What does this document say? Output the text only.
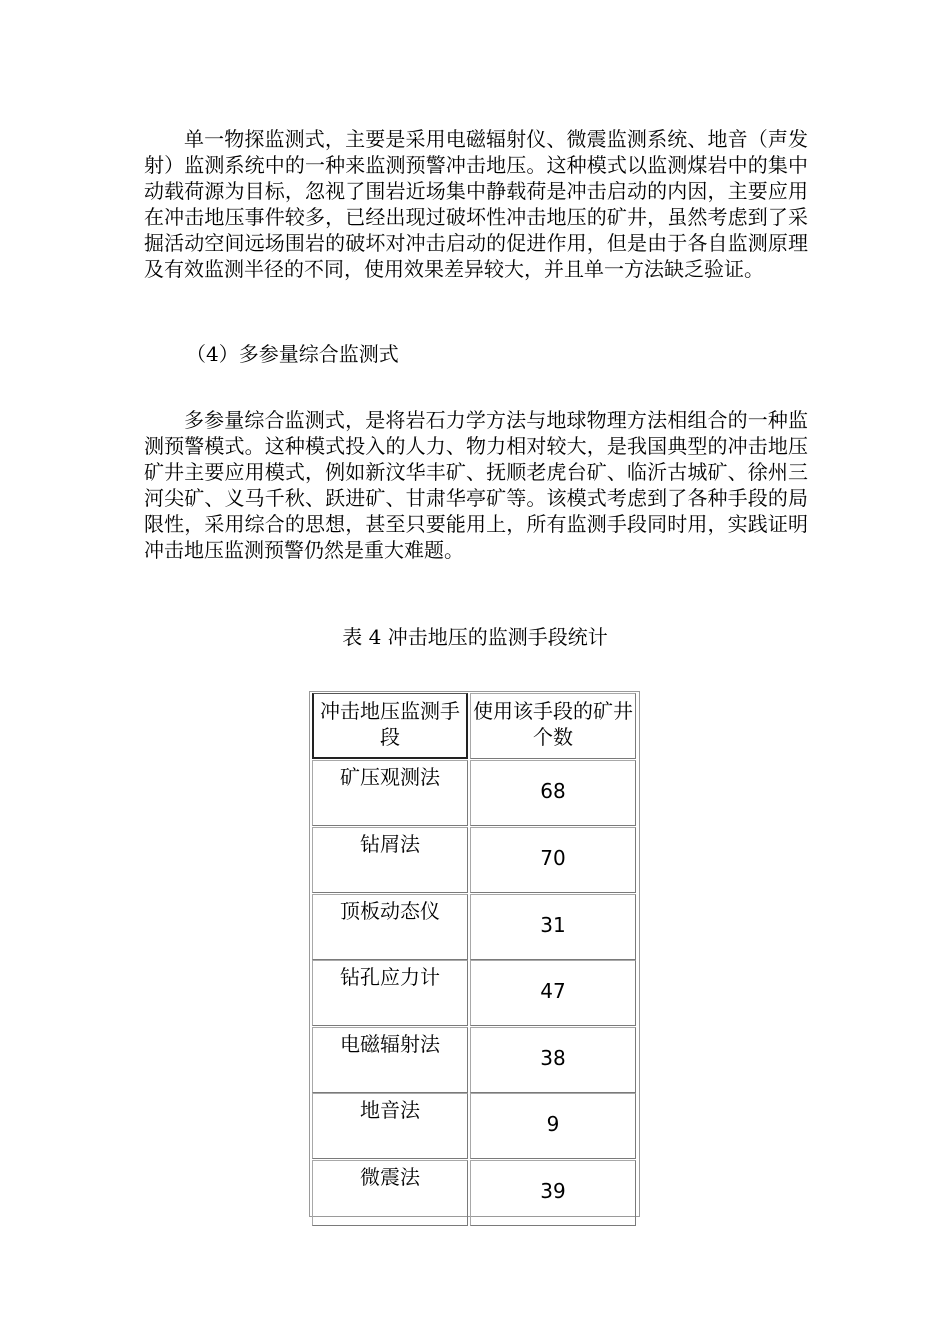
单一物探监测式，主要是采用电磁辐射仪、微震监测系统、地音（声发射）监测系统中的一种来监测预警冲击地压。这种模式以监测煤岩中的集中动载荷源为目标，忽视了围岩近场集中静载荷是冲击启动的内因，主要应用在冲击地压事件较多，已经出现过破坏性冲击地压的矿井，虽然考虑到了采掘活动空间远场围岩的破坏对冲击启动的促进作用，但是由于各自监测原理及有效监测半径的不同，使用效果差异较大，并且单一方法缺乏验证。

（4）多参量综合监测式

多参量综合监测式，是将岩石力学方法与地球物理方法相组合的一种监测预警模式。这种模式投入的人力、物力相对较大，是我国典型的冲击地压矿井主要应用模式，例如新汶华丰矿、抚顺老虎台矿、临沂古城矿、徐州三河尖矿、义马千秋、跃进矿、甘肃华亭矿等。该模式考虑到了各种手段的局限性，采用综合的思想，甚至只要能用上，所有监测手段同时用，实践证明冲击地压监测预警仍然是重大难题。

表 4 冲击地压的监测手段统计

冲击地压监测手段
使用该手段的矿井个数
矿压观测法
68
钻屑法
70
顶板动态仪
31
钻孔应力计
47
电磁辐射法
38
地音法
9
微震法
39
